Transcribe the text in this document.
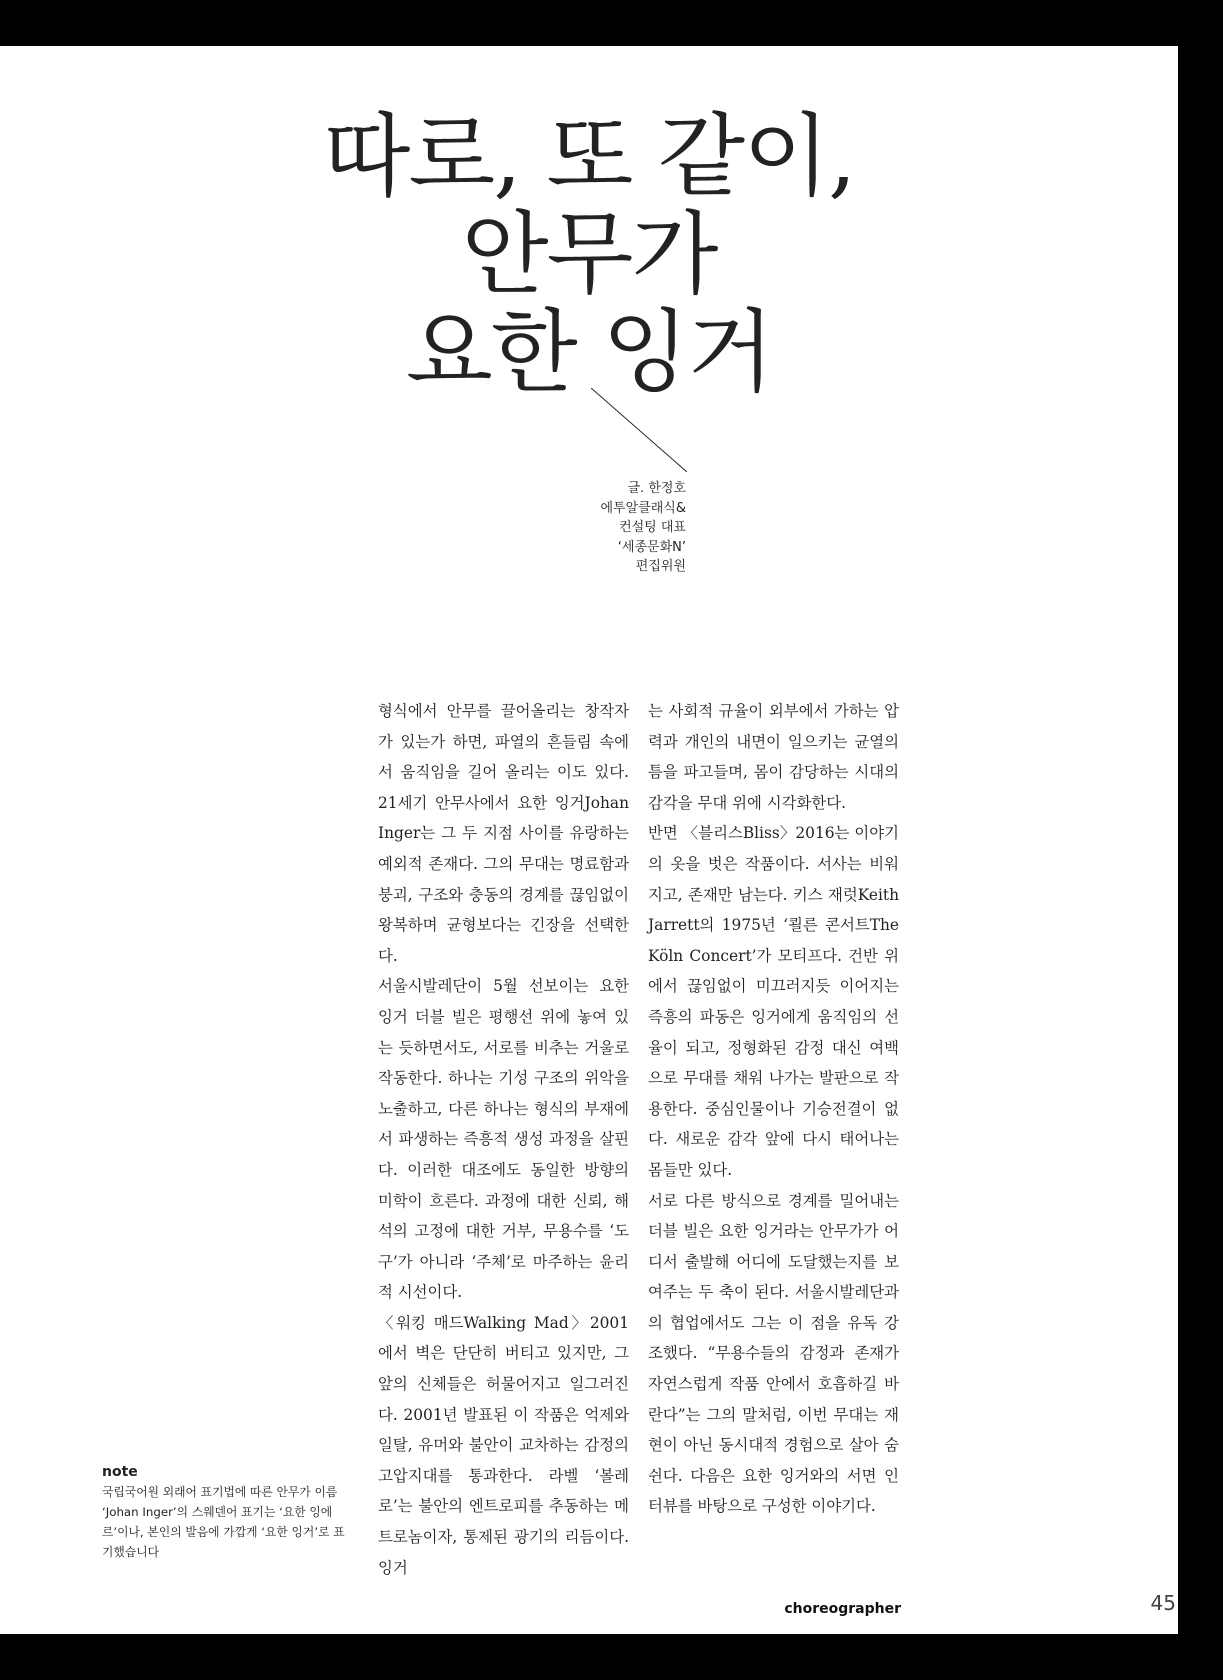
따로, 또 같이,
안무가
요한 잉거
글. 한정호
에투알클래식&
컨설팅 대표
‘세종문화N’
편집위원

형식에서 안무를 끌어올리는 창작자가 있는가 하면, 파열의 흔들림 속에서 움직임을 길어 올리는 이도 있다. 21세기 안무사에서 요한 잉거Johan Inger는 그 두 지점 사이를 유랑하는 예외적 존재다. 그의 무대는 명료함과 붕괴, 구조와 충동의 경계를 끊임없이 왕복하며 균형보다는 긴장을 선택한다.

서울시발레단이 5월 선보이는 요한 잉거 더블 빌은 평행선 위에 놓여 있는 듯하면서도, 서로를 비추는 거울로 작동한다. 하나는 기성 구조의 위악을 노출하고, 다른 하나는 형식의 부재에서 파생하는 즉흥적 생성 과정을 살핀다. 이러한 대조에도 동일한 방향의 미학이 흐른다. 과정에 대한 신뢰, 해석의 고정에 대한 거부, 무용수를 ‘도구’가 아니라 ‘주체’로 마주하는 윤리적 시선이다.

〈워킹 매드Walking Mad〉2001에서 벽은 단단히 버티고 있지만, 그 앞의 신체들은 허물어지고 일그러진다. 2001년 발표된 이 작품은 억제와 일탈, 유머와 불안이 교차하는 감정의 고압지대를 통과한다. 라벨 ‘볼레로’는 불안의 엔트로피를 추동하는 메트로놈이자, 통제된 광기의 리듬이다. 잉거

는 사회적 규율이 외부에서 가하는 압력과 개인의 내면이 일으키는 균열의 틈을 파고들며, 몸이 감당하는 시대의 감각을 무대 위에 시각화한다.

반면 〈블리스Bliss〉2016는 이야기의 옷을 벗은 작품이다. 서사는 비워지고, 존재만 남는다. 키스 재럿Keith Jarrett의 1975년 ‘쾰른 콘서트The Köln Concert’가 모티프다. 건반 위에서 끊임없이 미끄러지듯 이어지는 즉흥의 파동은 잉거에게 움직임의 선율이 되고, 정형화된 감정 대신 여백으로 무대를 채워 나가는 발판으로 작용한다. 중심인물이나 기승전결이 없다. 새로운 감각 앞에 다시 태어나는 몸들만 있다.

서로 다른 방식으로 경계를 밀어내는 더블 빌은 요한 잉거라는 안무가가 어디서 출발해 어디에 도달했는지를 보여주는 두 축이 된다. 서울시발레단과의 협업에서도 그는 이 점을 유독 강조했다. “무용수들의 감정과 존재가 자연스럽게 작품 안에서 호흡하길 바란다”는 그의 말처럼, 이번 무대는 재현이 아닌 동시대적 경험으로 살아 숨 쉰다. 다음은 요한 잉거와의 서면 인터뷰를 바탕으로 구성한 이야기다.

note
국립국어원 외래어 표기법에 따른 안무가 이름 ‘Johan Inger’의 스웨덴어 표기는 ‘요한 잉에르’이나, 본인의 발음에 가깝게 ‘요한 잉거’로 표기했습니다
choreographer	45
